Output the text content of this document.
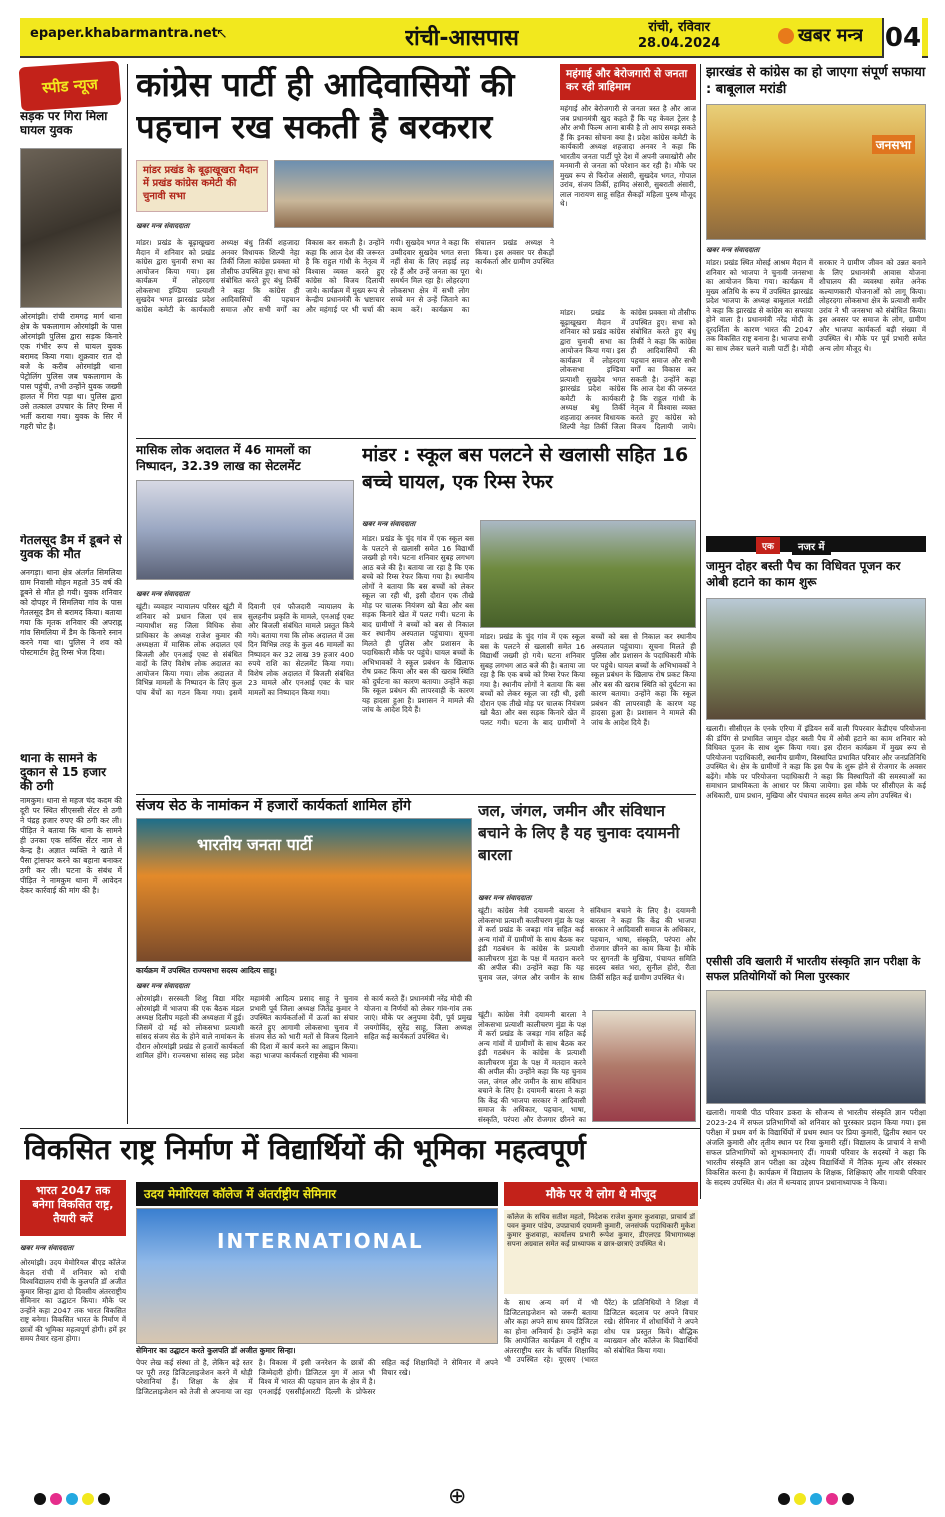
epaper.khabarmantra.net
↖	रांची-आसपास	रांची, रविवार
28.04.2024	खबर मन्त्र 04
स्पीड न्यूज
सड़क पर गिरा मिला घायल युवक
ओरमांझी। रांची रामगढ़ मार्ग थाना क्षेत्र के चकलागाम ओरमांझी के पास ओरमांझी पुलिस द्वारा सड़क किनारे एक गंभीर रूप से घायल युवक बरामद किया गया। शुक्रवार रात दो बजे के करीब ओरमांझी थाना पेट्रोलिंग पुलिस जब चकलागाम के पास पहुंची, तभी उन्होंने युवक जख्मी हालत में गिरा पड़ा था। पुलिस द्वारा उसे तत्काल उपचार के लिए रिम्स में भर्ती कराया गया। युवक के सिर में गहरी चोट है।
गेतलसूद डैम में डूबने से युवक की मौत
अनगड़ा। थाना क्षेत्र अंतर्गत सिमलिया ग्राम निवासी मोहन महतो 35 वर्ष की डूबने से मौत हो गयी। युवक शनिवार को दोपहर में सिमलिया गांव के पास गेतलसूद डैम से बरामद किया। बताया गया कि मृतक शनिवार की अपराह्न गांव सिमलिया में डैम के किनारे स्नान करने गया था। पुलिस ने शव को पोस्टमार्टम हेतु रिम्स भेज दिया।
थाना के सामने के दुकान से 15 हजार की ठगी
नामकुम। थाना से महज चंद कदम की दूरी पर स्थित सीएससी सेंटर से ठगी ने पंद्रह हजार रुपए की ठगी कर ली। पीड़ित ने बताया कि थाना के सामने ही उनका एक सर्विस सेंटर नाम से केन्द्र है। अज्ञात व्यक्ति ने खाते में पैसा ट्रांसफर करने का बहाना बनाकर ठगी कर ली। घटना के संबंध में पीड़ित ने नामकुम थाना में आवेदन देकर कार्रवाई की मांग की है।
कांग्रेस पार्टी ही आदिवासियों की पहचान रख सकती है बरकरार
मांडर प्रखंड के बूढ़ाखूखरा मैदान में प्रखंड कांग्रेस कमेटी की चुनावी सभा
खबर मन्त्र संवाददाता
मांडर। प्रखंड के बूढ़ाखूखरा मैदान में शनिवार को प्रखंड कांग्रेस द्वारा चुनावी सभा का आयोजन किया गया। इस कार्यक्रम में लोहरदगा लोकसभा इण्डिया प्रत्याशी सुखदेव भगत झारखंड प्रदेश कांग्रेस कमेटी के कार्यकारी अध्यक्ष बंधु तिर्की शहजादा अनवर विधायक शिल्पी नेहा तिर्की जिला कांग्रेस प्रवक्ता मो तौसीफ उपस्थित हुए। सभा को संबोधित करते हुए बंधु तिर्की ने कहा कि कांग्रेस ही आदिवासियों की पहचान समाज और सभी वर्गों का विकास कर सकती है। उन्होंने कहा कि आज देश की जरूरत है कि राहुल गांधी के नेतृत्व में विश्वास व्यक्त करते हुए कांग्रेस को विजय दिलायी जाये। कार्यक्रम में मुख्य रूप से केन्द्रीय प्रधानमंत्री के भ्रष्टाचार और महंगाई पर भी चर्चा की गयी। सुखदेव भगत ने कहा कि उम्मीदवार सुखदेव भगत सत्ता नहीं सेवा के लिए लड़ाई लड़ रहे हैं और उन्हें जनता का पूरा समर्थन मिल रहा है। लोहरदगा लोकसभा क्षेत्र में सभी लोग सच्चे मन से उन्हें जिताने का काम करें। कार्यक्रम का संचालन प्रखंड अध्यक्ष ने किया। इस अवसर पर सैकड़ों कार्यकर्ता और ग्रामीण उपस्थित थे।
महंगाई और बेरोजगारी से जनता कर रही त्राहिमाम
महंगाई और बेरोजगारी से जनता त्रस्त है और आज जब प्रधानमंत्री खुद कहते हैं कि यह केवल ट्रेलर है और अभी फिल्म आना बाकी है तो आप समझ सकते हैं कि इनका सोचना क्या है। प्रदेश कांग्रेस कमेटी के कार्यकारी अध्यक्ष शहजादा अनवर ने कहा कि भारतीय जनता पार्टी पूरे देश में अपनी जमाखोरी और मनमानी से जनता को परेशान कर रही है। मौके पर मुख्य रूप से फिरोज अंसारी, सुखदेव भगत, गोपाल उरांव, संजय तिर्की, हामिद अंसारी, सुबराती अंसारी, लाल नारायण साहू सहित सैकड़ों महिला पुरुष मौजूद थे।
मांडर। प्रखंड के बूढ़ाखूखरा मैदान में शनिवार को प्रखंड कांग्रेस द्वारा चुनावी सभा का आयोजन किया गया। इस कार्यक्रम में लोहरदगा लोकसभा इण्डिया प्रत्याशी सुखदेव भगत झारखंड प्रदेश कांग्रेस कमेटी के कार्यकारी अध्यक्ष बंधु तिर्की शहजादा अनवर विधायक शिल्पी नेहा तिर्की जिला कांग्रेस प्रवक्ता मो तौसीफ उपस्थित हुए। सभा को संबोधित करते हुए बंधु तिर्की ने कहा कि कांग्रेस ही आदिवासियों की पहचान समाज और सभी वर्गों का विकास कर सकती है। उन्होंने कहा कि आज देश की जरूरत है कि राहुल गांधी के नेतृत्व में विश्वास व्यक्त करते हुए कांग्रेस को विजय दिलायी जाये।
झारखंड से कांग्रेस का हो जाएगा संपूर्ण सफाया : बाबूलाल मरांडी
जनसभा
खबर मन्त्र संवाददाता
मांडर। प्रखंड स्थित मोसई आश्रम मैदान में शनिवार को भाजपा ने चुनावी जनसभा का आयोजन किया गया। कार्यक्रम में मुख्य अतिथि के रूप में उपस्थित झारखंड प्रदेश भाजपा के अध्यक्ष बाबूलाल मरांडी ने कहा कि झारखंड से कांग्रेस का सफाया होने वाला है। प्रधानमंत्री नरेंद्र मोदी के दूरदर्शिता के कारण भारत की 2047 तक विकसित राष्ट्र बनाना है। भाजपा सभी का साथ लेकर चलने वाली पार्टी है। मोदी सरकार ने ग्रामीण जीवन को उन्नत बनाने के लिए प्रधानमंत्री आवास योजना शौचालय की व्यवस्था समेत अनेक कल्याणकारी योजनाओं को लागू किया। लोहरदगा लोकसभा क्षेत्र के प्रत्याशी समीर उरांव ने भी जनसभा को संबोधित किया। इस अवसर पर समाज के लोग, ग्रामीण और भाजपा कार्यकर्ता बड़ी संख्या में उपस्थित थे। मौके पर पूर्व प्रभारी समेत अन्य लोग मौजूद थे।
एक	नजर में
जामुन दोहर बस्ती पैच का विधिवत पूजन कर ओबी हटाने का काम शुरू
खलारी। सीसीएल के एनके एरिया में इंडियन सर्वे वाली पिपरवार केडीएच परियोजना की डंपिंग से प्रभावित जामुन दोहर बस्ती पैच में ओबी हटाने का काम शनिवार को विधिवत पूजन के साथ शुरू किया गया। इस दौरान कार्यक्रम में मुख्य रूप से परियोजना पदाधिकारी, स्थानीय ग्रामीण, विस्थापित प्रभावित परिवार और जनप्रतिनिधि उपस्थित थे। क्षेत्र के ग्रामीणों ने कहा कि इस पैच के शुरू होने से रोजगार के अवसर बढ़ेंगे। मौके पर परियोजना पदाधिकारी ने कहा कि विस्थापितों की समस्याओं का समाधान प्राथमिकता के आधार पर किया जायेगा। इस मौके पर सीसीएल के कई अधिकारी, ग्राम प्रधान, मुखिया और पंचायत सदस्य समेत अन्य लोग उपस्थित थे।
एसीसी उवि खलारी में भारतीय संस्कृति ज्ञान परीक्षा के सफल प्रतियोगियों को मिला पुरस्कार
खलारी। गायत्री पीठ परिवार डकरा के सौजन्य से भारतीय संस्कृति ज्ञान परीक्षा 2023-24 में सफल प्रतिभागियों को शनिवार को पुरस्कार प्रदान किया गया। इस परीक्षा में प्रथम वर्ग के विद्यार्थियों में प्रथम स्थान पर प्रिया कुमारी, द्वितीय स्थान पर अंजलि कुमारी और तृतीय स्थान पर रिया कुमारी रहीं। विद्यालय के प्राचार्य ने सभी सफल प्रतिभागियों को शुभकामनाएं दीं। गायत्री परिवार के सदस्यों ने कहा कि भारतीय संस्कृति ज्ञान परीक्षा का उद्देश्य विद्यार्थियों में नैतिक मूल्य और संस्कार विकसित करना है। कार्यक्रम में विद्यालय के शिक्षक, शिक्षिकाएं और गायत्री परिवार के सदस्य उपस्थित थे। अंत में धन्यवाद ज्ञापन प्रधानाध्यापक ने किया।
मासिक लोक अदालत में 46 मामलों का निष्पादन, 32.39 लाख का सेटलमेंट
खबर मन्त्र संवाददाता
खूंटी। व्यवहार न्यायालय परिसर खूंटी में शनिवार को प्रधान जिला एवं सत्र न्यायाधीश सह जिला विधिक सेवा प्राधिकार के अध्यक्ष राजेश कुमार की अध्यक्षता में मासिक लोक अदालत एवं बिजली और एनआई एक्ट से संबंधित वादों के लिए विशेष लोक अदालत का आयोजन किया गया। लोक अदालत में विभिन्न मामलों के निष्पादन के लिए कुल पांच बेंचों का गठन किया गया। इसमें दिवानी एवं फौजदारी न्यायालय के सुलहनीय प्रकृति के मामले, एनआई एक्ट और बिजली संबंधित मामले प्रस्तुत किये गये। बताया गया कि लोक अदालत में उस दिन विभिन्न तरह के कुल 46 मामलों का निष्पादन कर 32 लाख 39 हजार 400 रुपये राशि का सेटलमेंट किया गया। विशेष लोक अदालत में बिजली संबंधित 23 मामले और एनआई एक्ट के चार मामलों का निष्पादन किया गया।
मांडर : स्कूल बस पलटने से खलासी सहित 16 बच्चे घायल, एक रिम्स रेफर
खबर मन्त्र संवाददाता
मांडर। प्रखंड के चुंद गांव में एक स्कूल बस के पलटने से खलासी समेत 16 विद्यार्थी जख्मी हो गये। घटना शनिवार सुबह लगभग आठ बजे की है। बताया जा रहा है कि एक बच्चे को रिम्स रेफर किया गया है। स्थानीय लोगों ने बताया कि बस बच्चों को लेकर स्कूल जा रही थी, इसी दौरान एक तीखे मोड़ पर चालक नियंत्रण खो बैठा और बस सड़क किनारे खेत में पलट गयी। घटना के बाद ग्रामीणों ने बच्चों को बस से निकाल कर स्थानीय अस्पताल पहुंचाया। सूचना मिलते ही पुलिस और प्रशासन के पदाधिकारी मौके पर पहुंचे। घायल बच्चों के अभिभावकों ने स्कूल प्रबंधन के खिलाफ रोष प्रकट किया और बस की खराब स्थिति को दुर्घटना का कारण बताया। उन्होंने कहा कि स्कूल प्रबंधन की लापरवाही के कारण यह हादसा हुआ है। प्रशासन ने मामले की जांच के आदेश दिये हैं।
मांडर। प्रखंड के चुंद गांव में एक स्कूल बस के पलटने से खलासी समेत 16 विद्यार्थी जख्मी हो गये। घटना शनिवार सुबह लगभग आठ बजे की है। बताया जा रहा है कि एक बच्चे को रिम्स रेफर किया गया है। स्थानीय लोगों ने बताया कि बस बच्चों को लेकर स्कूल जा रही थी, इसी दौरान एक तीखे मोड़ पर चालक नियंत्रण खो बैठा और बस सड़क किनारे खेत में पलट गयी। घटना के बाद ग्रामीणों ने बच्चों को बस से निकाल कर स्थानीय अस्पताल पहुंचाया। सूचना मिलते ही पुलिस और प्रशासन के पदाधिकारी मौके पर पहुंचे। घायल बच्चों के अभिभावकों ने स्कूल प्रबंधन के खिलाफ रोष प्रकट किया और बस की खराब स्थिति को दुर्घटना का कारण बताया। उन्होंने कहा कि स्कूल प्रबंधन की लापरवाही के कारण यह हादसा हुआ है। प्रशासन ने मामले की जांच के आदेश दिये हैं।
संजय सेठ के नामांकन में हजारों कार्यकर्ता शामिल होंगे
भारतीय जनता पार्टी
कार्यक्रम में उपस्थित राज्यसभा सदस्य आदित्य साहू।
खबर मन्त्र संवाददाता
ओरमांझी। सरस्वती शिशु विद्या मंदिर ओरमांझी में भाजपा की एक बैठक मंडल अध्यक्ष दिलीप महतो की अध्यक्षता में हुई। जिसमें दो मई को लोकसभा प्रत्याशी सांसद संजय सेठ के होने वाले नामांकन के दौरान ओरमांझी प्रखंड से हजारों कार्यकर्ता शामिल होंगे। राज्यसभा सांसद सह प्रदेश महामंत्री आदित्य प्रसाद साहू ने चुनाव प्रभारी पूर्व जिला अध्यक्ष जितेंद्र कुमार ने उपस्थित कार्यकर्ताओं में ऊर्जा का संचार करते हुए आगामी लोकसभा चुनाव में संजय सेठ को भारी मतों से विजय दिलाने की दिशा में कार्य करने का आह्वान किया। कहा भाजपा कार्यकर्ता राष्ट्रसेवा की भावना से कार्य करते हैं। प्रधानमंत्री नरेंद्र मोदी की योजना व निर्णयों को लेकर गांव-गांव तक जाएं। मौके पर अनुपमा देवी, पूर्व प्रमुख जयगोविंद, सुरेंद्र साहू, जिला अध्यक्ष सहित कई कार्यकर्ता उपस्थित थे।
जल, जंगल, जमीन और संविधान बचाने के लिए है यह चुनावः दयामनी बारला
खबर मन्त्र संवाददाता
खूंटी। कांग्रेस नेत्री दयामनी बारला ने लोकसभा प्रत्याशी कालीचरण मुंडा के पक्ष में कर्रा प्रखंड के जबड़ा गांव सहित कई अन्य गांवों में ग्रामीणों के साथ बैठक कर इंडी गठबंधन के कांग्रेस के प्रत्याशी कालीचरण मुंडा के पक्ष में मतदान करने की अपील की। उन्होंने कहा कि यह चुनाव जल, जंगल और जमीन के साथ संविधान बचाने के लिए है। दयामनी बारला ने कहा कि केंद्र की भाजपा सरकार ने आदिवासी समाज के अधिकार, पहचान, भाषा, संस्कृति, परंपरा और रोजगार छीनने का काम किया है। मौके पर सुगनती के मुखिया, पंचायत समिति सदस्य बसंत भरा, सुनील होरो, रीता तिर्की सहित कई ग्रामीण उपस्थित थे।
खूंटी। कांग्रेस नेत्री दयामनी बारला ने लोकसभा प्रत्याशी कालीचरण मुंडा के पक्ष में कर्रा प्रखंड के जबड़ा गांव सहित कई अन्य गांवों में ग्रामीणों के साथ बैठक कर इंडी गठबंधन के कांग्रेस के प्रत्याशी कालीचरण मुंडा के पक्ष में मतदान करने की अपील की। उन्होंने कहा कि यह चुनाव जल, जंगल और जमीन के साथ संविधान बचाने के लिए है। दयामनी बारला ने कहा कि केंद्र की भाजपा सरकार ने आदिवासी समाज के अधिकार, पहचान, भाषा, संस्कृति, परंपरा और रोजगार छीनने का
विकसित राष्ट्र निर्माण में विद्यार्थियों की भूमिका महत्वपूर्ण
भारत 2047 तक बनेगा विकसित राष्ट्र, तैयारी करें
खबर मन्त्र संवाददाता
ओरमांझी। उदय मेमोरियल बीएड कॉलेज केदल रांची में शनिवार को रांची विश्वविद्यालय रांची के कुलपति डॉ अजीत कुमार सिन्हा द्वारा दो दिवसीय अंतरराष्ट्रीय सेमिनार का उद्घाटन किया। मौके पर उन्होंने कहा 2047 तक भारत विकसित राष्ट्र बनेगा। विकसित भारत के निर्माण में छात्रों की भूमिका महत्वपूर्ण होगी। हमें हर समय तैयार रहना होगा।
उदय मेमोरियल कॉलेज में अंतर्राष्ट्रीय सेमिनार
INTERNATIONAL
सेमिनार का उद्घाटन करते कुलपति डॉ अजीत कुमार सिन्हा।
पेपर लेख कई संस्था तो है, लेकिन बड़े स्तर पर पूरी तरह डिजिटलाइजेशन करने में थोड़ी परेशानियां हैं। शिक्षा के क्षेत्र में डिजिटलाइजेशन को तेजी से अपनाया जा रहा है। विकास में इसी जनरेशन के छात्रों की जिम्मेदारी होगी। डिजिटल युग में आज भी विश्व में भारत की पहचान ज्ञान के क्षेत्र में है। एनआईई एससीईआरटी दिल्ली के प्रोफेसर सहित कई शिक्षाविदों ने सेमिनार में अपने विचार रखे।
मौके पर ये लोग थे मौजूद
कॉलेज के सचिव सतीश महतो, निदेशक राजेश कुमार कुशवाहा, प्राचार्य डॉ पवन कुमार पांडेय, उपप्राचार्य दयामनी कुमारी, जनसंपर्क पदाधिकारी मुकेश कुमार कुशवाहा, कार्यालय प्रभारी रूपेश कुमार, डीएलएड विभागाध्यक्ष सपना अग्रवाल समेत कई प्राध्यापक व छात्र-छात्राएं उपस्थित थे।
के साथ अन्य वर्ग में भी डिजिटलाइजेशन को जरूरी बताया और कहा अपने साथ समय डिजिटल का होना अनिवार्य है। उन्होंने कहा कि आयोजित कार्यक्रम में राष्ट्रीय व अंतरराष्ट्रीय स्तर के चर्चित शिक्षाविद भी उपस्थित रहे। यूएसए (भारत पैरेंट) के प्रतिनिधियों ने शिक्षा में डिजिटल बदलाव पर अपने विचार रखे। सेमिनार में शोधार्थियों ने अपने शोध पत्र प्रस्तुत किये। बौद्धिक व्याख्यान और कॉलेज के विद्यार्थियों को संबोधित किया गया।
⊕
